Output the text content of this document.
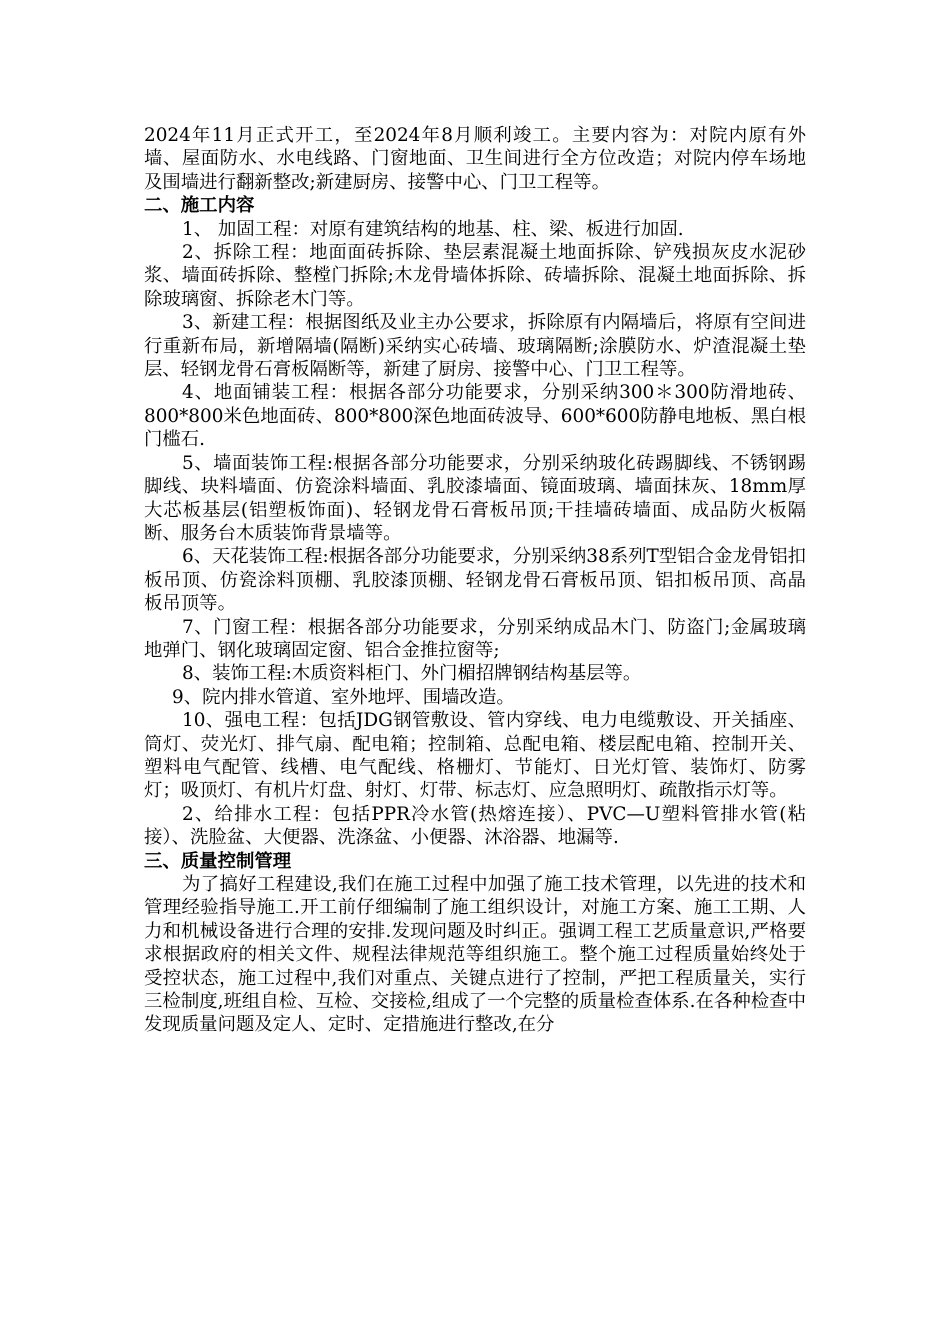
2024年11月正式开工，至2024年8月顺利竣工。主要内容为：对院内原有外墙、屋面防水、水电线路、门窗地面、卫生间进行全方位改造；对院内停车场地及围墙进行翻新整改;新建厨房、接警中心、门卫工程等。

二、施工内容

1、 加固工程：对原有建筑结构的地基、柱、梁、板进行加固.

2、拆除工程：地面面砖拆除、垫层素混凝土地面拆除、铲残损灰皮水泥砂浆、墙面砖拆除、整樘门拆除;木龙骨墙体拆除、砖墙拆除、混凝土地面拆除、拆除玻璃窗、拆除老木门等。

3、新建工程：根据图纸及业主办公要求，拆除原有内隔墙后，将原有空间进行重新布局，新增隔墙(隔断)采纳实心砖墙、玻璃隔断;涂膜防水、炉渣混凝土垫层、轻钢龙骨石膏板隔断等，新建了厨房、接警中心、门卫工程等。

4、地面铺装工程：根据各部分功能要求，分别采纳300＊300防滑地砖、800*800米色地面砖、800*800深色地面砖波导、600*600防静电地板、黑白根门槛石.

5、墙面装饰工程:根据各部分功能要求，分别采纳玻化砖踢脚线、不锈钢踢脚线、块料墙面、仿瓷涂料墙面、乳胶漆墙面、镜面玻璃、墙面抹灰、18mm厚大芯板基层(铝塑板饰面)、轻钢龙骨石膏板吊顶;干挂墙砖墙面、成品防火板隔断、服务台木质装饰背景墙等。

6、天花装饰工程:根据各部分功能要求，分别采纳38系列T型铝合金龙骨铝扣板吊顶、仿瓷涂料顶棚、乳胶漆顶棚、轻钢龙骨石膏板吊顶、铝扣板吊顶、高晶板吊顶等。

7、门窗工程：根据各部分功能要求，分别采纳成品木门、防盗门;金属玻璃地弹门、钢化玻璃固定窗、铝合金推拉窗等;

8、装饰工程:木质资料柜门、外门楣招牌钢结构基层等。

9、院内排水管道、室外地坪、围墙改造。

10、强电工程：包括JDG钢管敷设、管内穿线、电力电缆敷设、开关插座、筒灯、荧光灯、排气扇、配电箱；控制箱、总配电箱、楼层配电箱、控制开关、塑料电气配管、线槽、电气配线、格栅灯、节能灯、日光灯管、装饰灯、防雾灯；吸顶灯、有机片灯盘、射灯、灯带、标志灯、应急照明灯、疏散指示灯等。

2、给排水工程：包括PPR冷水管(热熔连接）、PVC—U塑料管排水管(粘接）、洗脸盆、大便器、洗涤盆、小便器、沐浴器、地漏等.

三、质量控制管理

为了搞好工程建设,我们在施工过程中加强了施工技术管理，以先进的技术和管理经验指导施工.开工前仔细编制了施工组织设计，对施工方案、施工工期、人力和机械设备进行合理的安排.发现问题及时纠正。强调工程工艺质量意识,严格要求根据政府的相关文件、规程法律规范等组织施工。整个施工过程质量始终处于受控状态，施工过程中,我们对重点、关键点进行了控制，严把工程质量关，实行三检制度,班组自检、互检、交接检,组成了一个完整的质量检查体系.在各种检查中发现质量问题及定人、定时、定措施进行整改,在分
